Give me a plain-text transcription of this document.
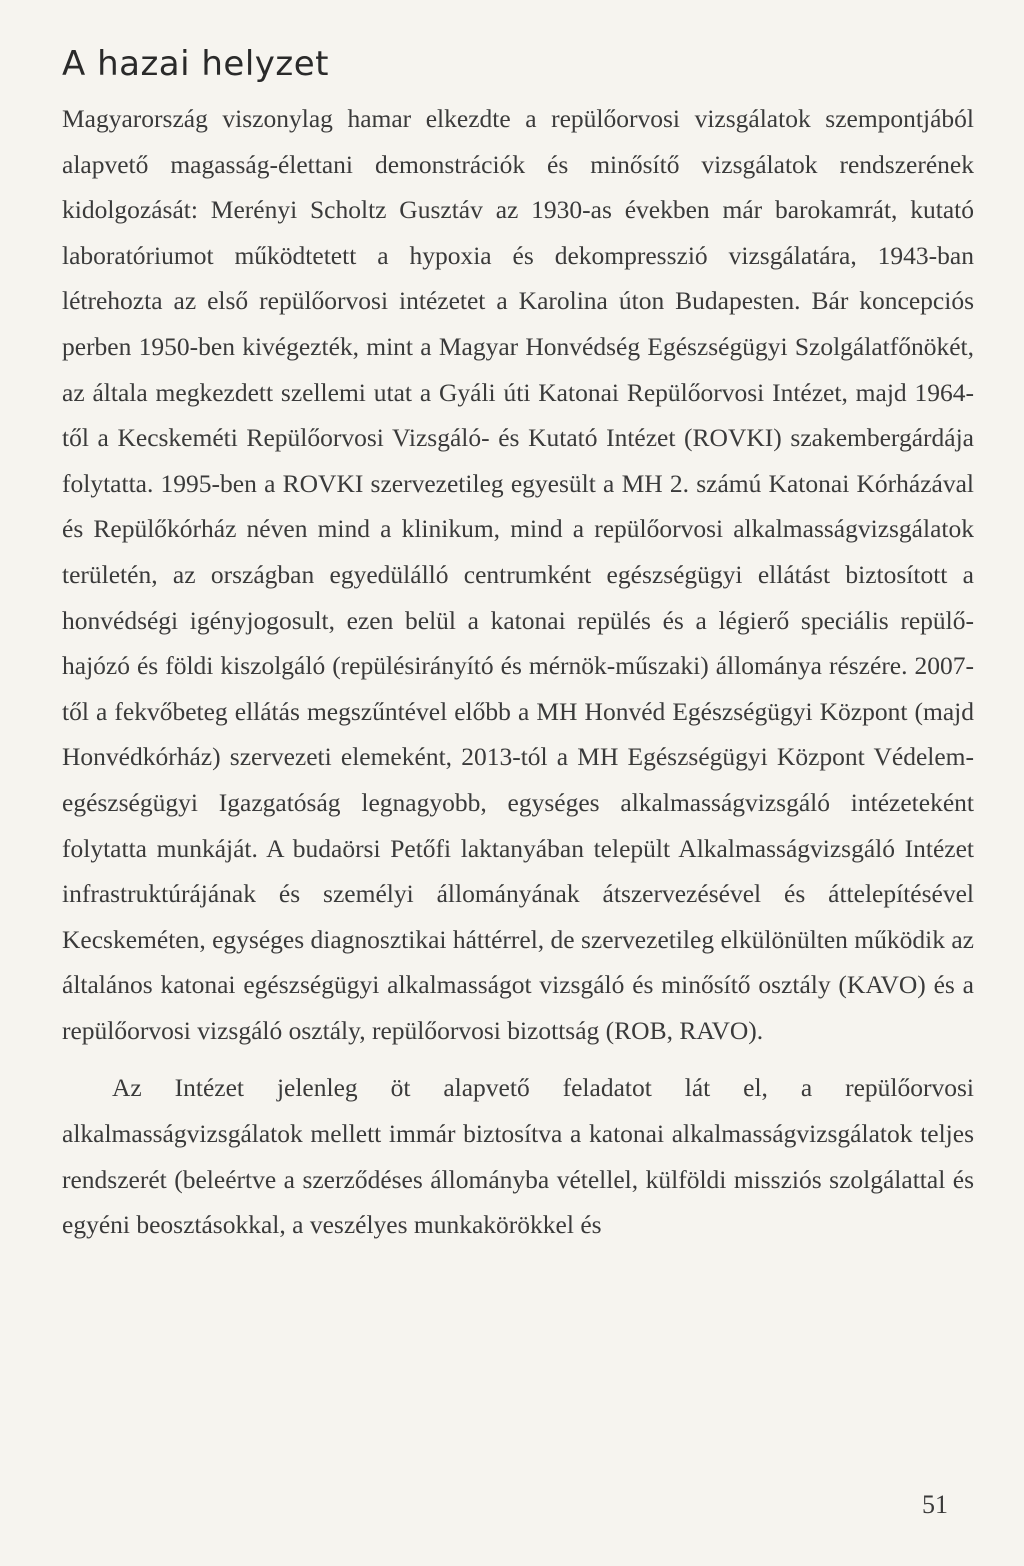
A hazai helyzet

Magyarország viszonylag hamar elkezdte a repülőorvosi vizsgálatok szempontjából alapvető magasság-élettani demonstrációk és minősítő vizsgálatok rendszerének kidolgozását: Merényi Scholtz Gusztáv az 1930-as években már barokamrát, kutató laboratóriumot működtetett a hypoxia és dekompresszió vizsgálatára, 1943-ban létrehozta az első repülőorvosi intézetet a Karolina úton Budapesten. Bár koncepciós perben 1950-ben kivégezték, mint a Magyar Honvédség Egészségügyi Szolgálatfőnökét, az általa megkezdett szellemi utat a Gyáli úti Katonai Repülőorvosi Intézet, majd 1964-től a Kecskeméti Repülőorvosi Vizsgáló- és Kutató Intézet (ROVKI) szakembergárdája folytatta. 1995-ben a ROVKI szervezetileg egyesült a MH 2. számú Katonai Kórházával és Repülőkórház néven mind a klinikum, mind a repülőorvosi alkalmasságvizsgálatok területén, az országban egyedülálló centrumként egészségügyi ellátást biztosított a honvédségi igényjogosult, ezen belül a katonai repülés és a légierő speciális repülő-hajózó és földi kiszolgáló (repülésirányító és mérnök-műszaki) állománya részére. 2007-től a fekvőbeteg ellátás megszűntével előbb a MH Honvéd Egészségügyi Központ (majd Honvédkórház) szervezeti elemeként, 2013-tól a MH Egészségügyi Központ Védelem-egészségügyi Igazgatóság legnagyobb, egységes alkalmasságvizsgáló intézeteként folytatta munkáját. A budaörsi Petőfi laktanyában települt Alkalmasságvizsgáló Intézet infrastruktúrájának és személyi állományának átszervezésével és áttelepítésével Kecskeméten, egységes diagnosztikai háttérrel, de szervezetileg elkülönülten működik az általános katonai egészségügyi alkalmasságot vizsgáló és minősítő osztály (KAVO) és a repülőorvosi vizsgáló osztály, repülőorvosi bizottság (ROB, RAVO).

Az Intézet jelenleg öt alapvető feladatot lát el, a repülőorvosi alkalmasságvizsgálatok mellett immár biztosítva a katonai alkalmasságvizsgálatok teljes rendszerét (beleértve a szerződéses állományba vétellel, külföldi missziós szolgálattal és egyéni beosztásokkal, a veszélyes munkakörökkel és

51
